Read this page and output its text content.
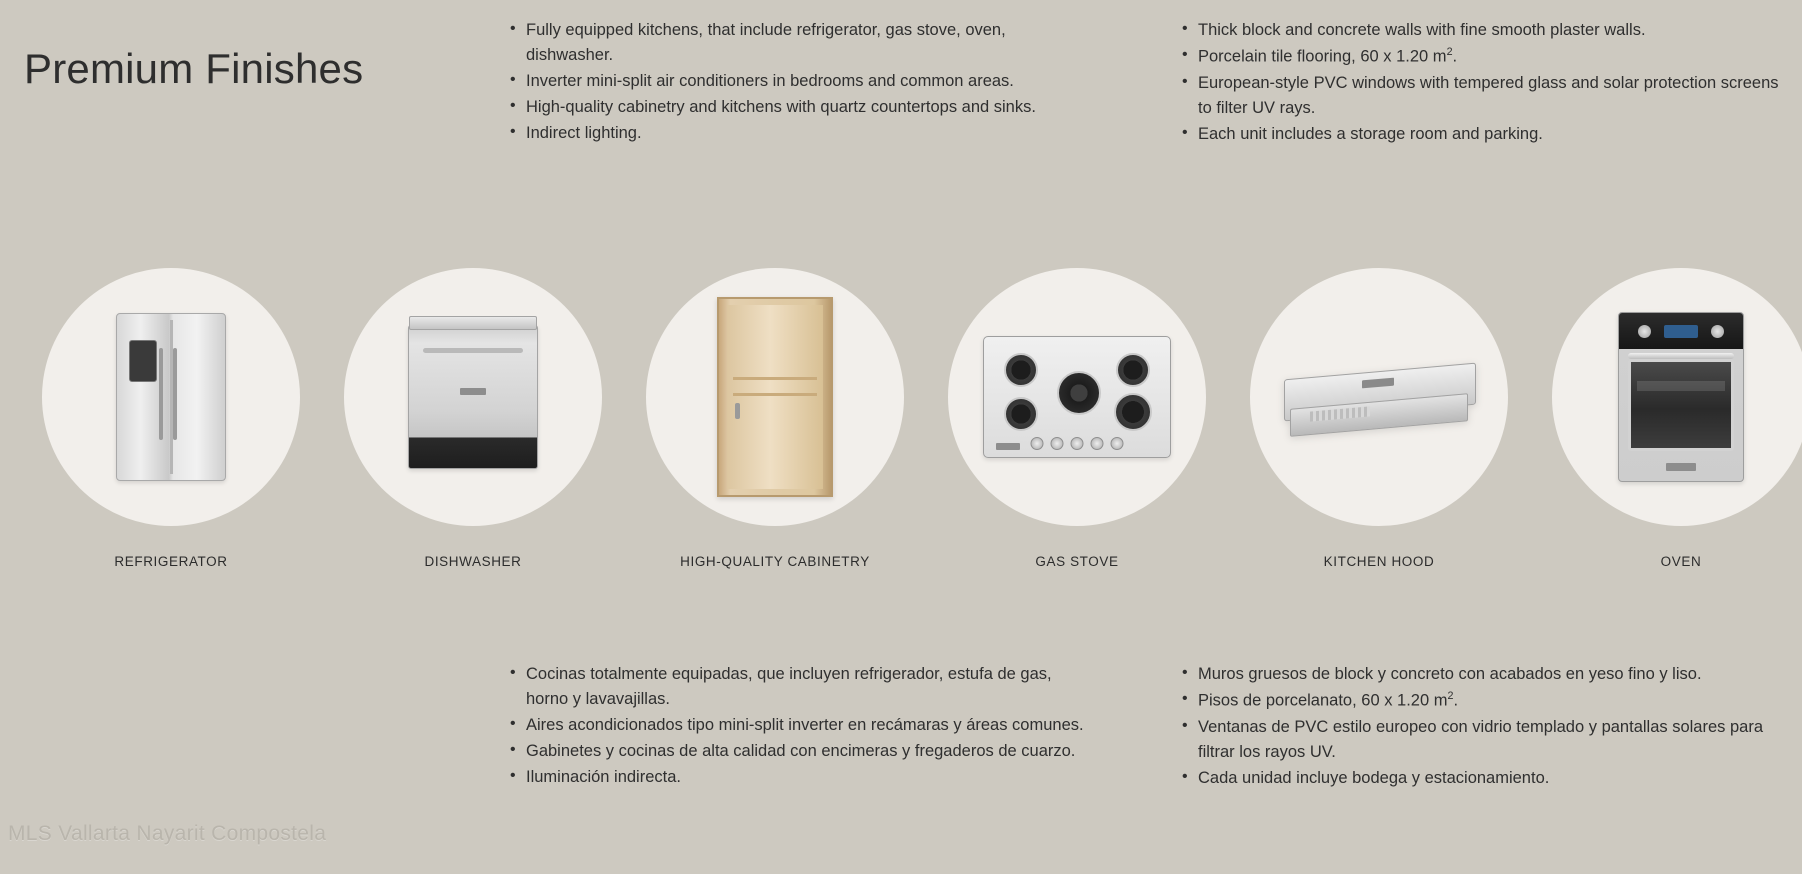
Premium Finishes
• Fully equipped kitchens, that include refrigerator, gas stove, oven, dishwasher.
• Inverter mini-split air conditioners in bedrooms and common areas.
• High-quality cabinetry and kitchens with quartz countertops and sinks.
• Indirect lighting.
• Thick block and concrete walls with fine smooth plaster walls.
• Porcelain tile flooring, 60 x 1.20 $m^2$.
• European-style PVC windows with tempered glass and solar protection screens to filter UV rays.
• Each unit includes a storage room and parking.
REFRIGERATOR	DISHWASHER	HIGH-QUALITY CABINETRY	GAS STOVE	KITCHEN HOOD	OVEN
• Cocinas totalmente equipadas, que incluyen refrigerador, estufa de gas, horno y lavavajillas.
• Aires acondicionados tipo mini-split inverter en recámaras y áreas comunes.
• Gabinetes y cocinas de alta calidad con encimeras y fregaderos de cuarzo.
• Iluminación indirecta.
• Muros gruesos de block y concreto con acabados en yeso fino y liso.
• Pisos de porcelanato, 60 x 1.20 $m^2$.
• Ventanas de PVC estilo europeo con vidrio templado y pantallas solares para filtrar los rayos UV.
• Cada unidad incluye bodega y estacionamiento.
MLS Vallarta Nayarit Compostela
